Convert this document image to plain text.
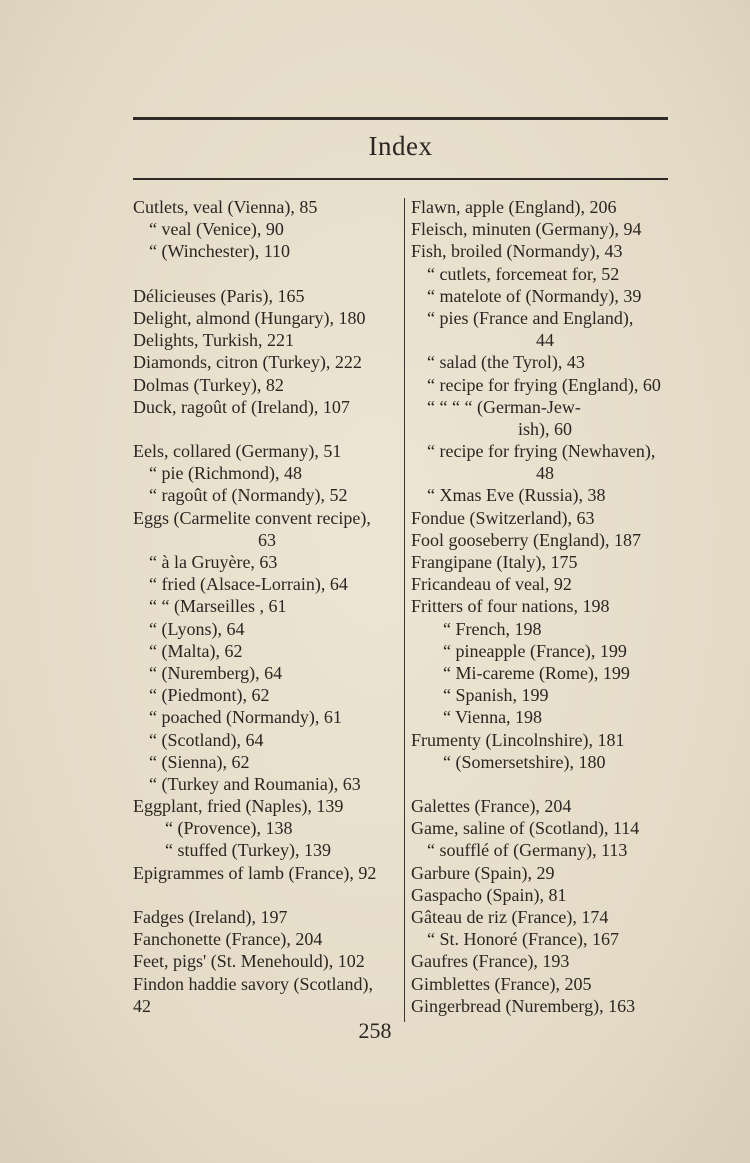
Index
Cutlets, veal (Vienna), 85
“ veal (Venice), 90
“ (Winchester), 110
Délicieuses (Paris), 165
Delight, almond (Hungary), 180
Delights, Turkish, 221
Diamonds, citron (Turkey), 222
Dolmas (Turkey), 82
Duck, ragoût of (Ireland), 107
Eels, collared (Germany), 51
“ pie (Richmond), 48
“ ragoût of (Normandy), 52
Eggs (Carmelite convent recipe),
63
“ à la Gruyère, 63
“ fried (Alsace-Lorrain), 64
“ “ (Marseilles , 61
“ (Lyons), 64
“ (Malta), 62
“ (Nuremberg), 64
“ (Piedmont), 62
“ poached (Normandy), 61
“ (Scotland), 64
“ (Sienna), 62
“ (Turkey and Roumania), 63
Eggplant, fried (Naples), 139
“ (Provence), 138
“ stuffed (Turkey), 139
Epigrammes of lamb (France), 92
Fadges (Ireland), 197
Fanchonette (France), 204
Feet, pigs' (St. Menehould), 102
Findon haddie savory (Scotland),
42
Flawn, apple (England), 206
Fleisch, minuten (Germany), 94
Fish, broiled (Normandy), 43
“ cutlets, forcemeat for, 52
“ matelote of (Normandy), 39
“ pies (France and England),
44
“ salad (the Tyrol), 43
“ recipe for frying (England), 60
“ “ “ “ (German-Jew-
ish), 60
“ recipe for frying (Newhaven),
48
“ Xmas Eve (Russia), 38
Fondue (Switzerland), 63
Fool gooseberry (England), 187
Frangipane (Italy), 175
Fricandeau of veal, 92
Fritters of four nations, 198
“ French, 198
“ pineapple (France), 199
“ Mi-careme (Rome), 199
“ Spanish, 199
“ Vienna, 198
Frumenty (Lincolnshire), 181
“ (Somersetshire), 180
Galettes (France), 204
Game, saline of (Scotland), 114
“ soufflé of (Germany), 113
Garbure (Spain), 29
Gaspacho (Spain), 81
Gâteau de riz (France), 174
“ St. Honoré (France), 167
Gaufres (France), 193
Gimblettes (France), 205
Gingerbread (Nuremberg), 163
258
